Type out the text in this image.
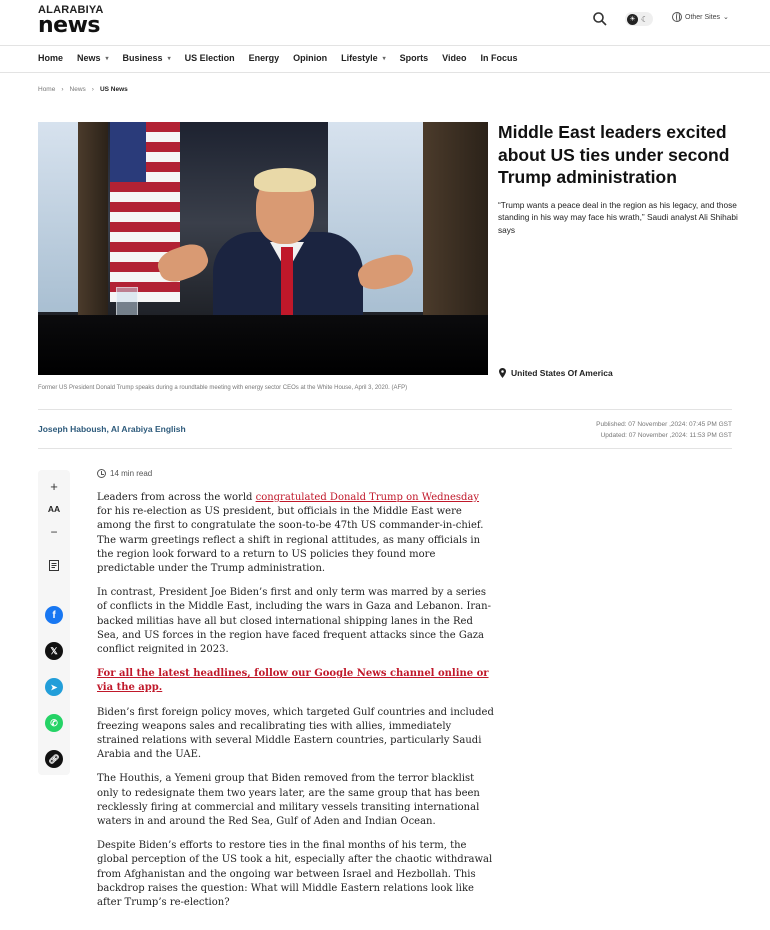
ALARABIYA
news	☀ ☾	Other Sites ⌄
Home News ▾ Business ▾ US Election Energy Opinion Lifestyle ▾ Sports Video In Focus
Home › News › US News
Former US President Donald Trump speaks during a roundtable meeting with energy sector CEOs at the White House, April 3, 2020. (AFP)
Middle East leaders excited about US ties under second Trump administration

“Trump wants a peace deal in the region as his legacy, and those standing in his way may face his wrath,” Saudi analyst Ali Shihabi says

United States Of America
Joseph Haboush, Al Arabiya English	Published: 07 November ,2024: 07:45 PM GST
Updated: 07 November ,2024: 11:53 PM GST
+
AA
−
f
𝕏
➤
✆
🔗︎
14 min read

Leaders from across the world congratulated Donald Trump on Wednesday for his re-election as US president, but officials in the Middle East were among the first to congratulate the soon-to-be 47th US commander-in-chief. The warm greetings reflect a shift in regional attitudes, as many officials in the region look forward to a return to US policies they found more predictable under the Trump administration.

In contrast, President Joe Biden’s first and only term was marred by a series of conflicts in the Middle East, including the wars in Gaza and Lebanon. Iran-backed militias have all but closed international shipping lanes in the Red Sea, and US forces in the region have faced frequent attacks since the Gaza conflict reignited in 2023.

For all the latest headlines, follow our Google News channel online or via the app.

Biden’s first foreign policy moves, which targeted Gulf countries and included freezing weapons sales and recalibrating ties with allies, immediately strained relations with several Middle Eastern countries, particularly Saudi Arabia and the UAE.

The Houthis, a Yemeni group that Biden removed from the terror blacklist only to redesignate them two years later, are the same group that has been recklessly firing at commercial and military vessels transiting international waters in and around the Red Sea, Gulf of Aden and Indian Ocean.

Despite Biden’s efforts to restore ties in the final months of his term, the global perception of the US took a hit, especially after the chaotic withdrawal from Afghanistan and the ongoing war between Israel and Hezbollah. This backdrop raises the question: What will Middle Eastern relations look like after Trump’s re-election?
